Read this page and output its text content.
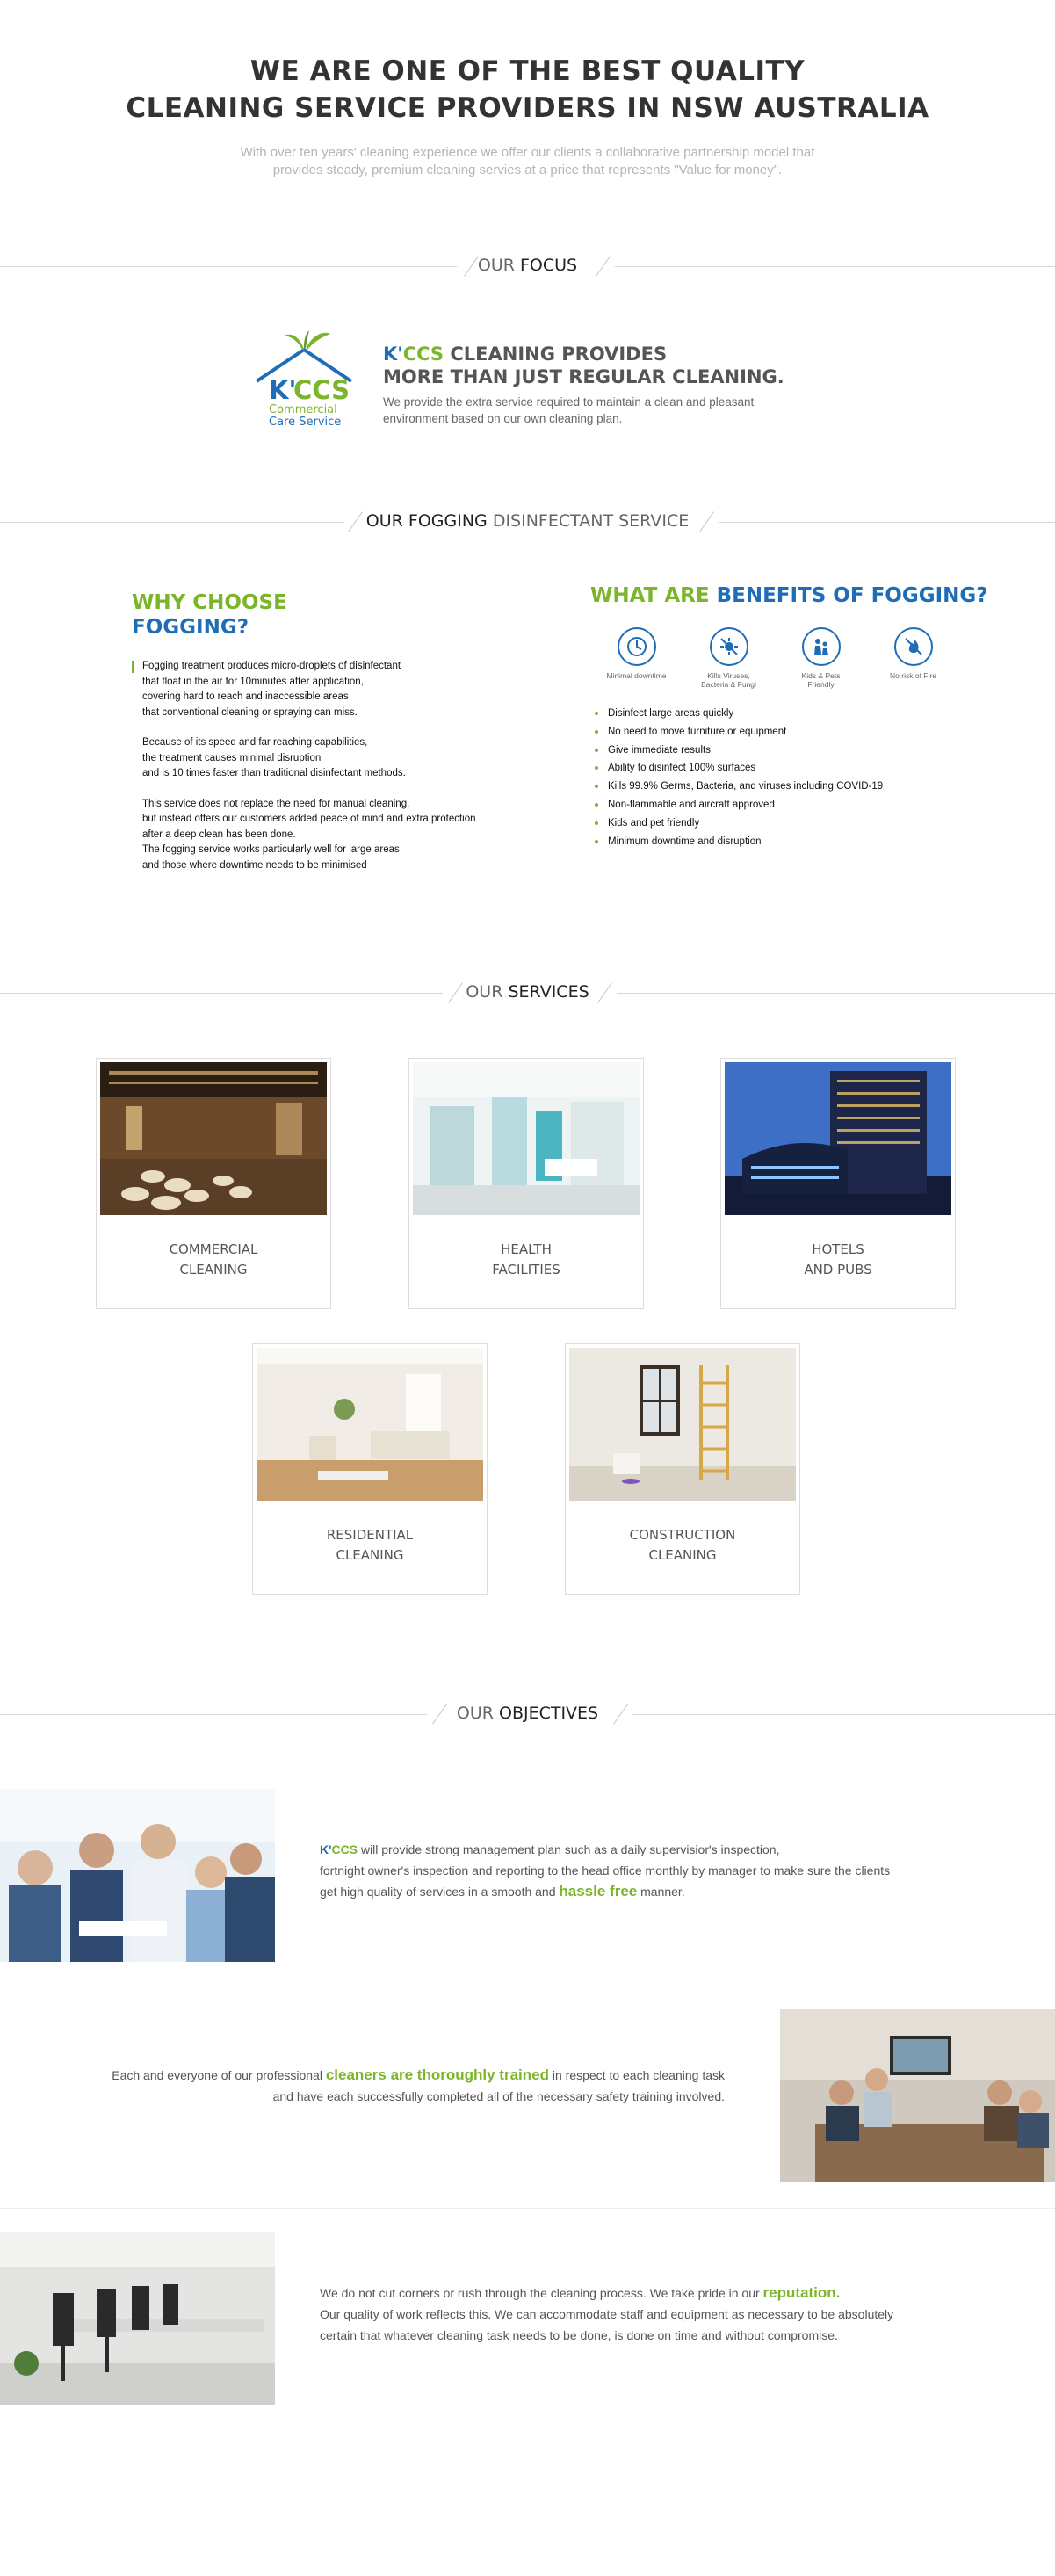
WE ARE ONE OF THE BEST QUALITY
CLEANING SERVICE PROVIDERS IN NSW AUSTRALIA

With over ten years' cleaning experience we offer our clients a collaborative partnership model that
provides steady, premium cleaning servies at a price that represents "Value for money".

OUR FOCUS
K'
CCS
Commercial
Care Service
K'CCS CLEANING PROVIDES
MORE THAN JUST REGULAR CLEANING.

We provide the extra service required to maintain a clean and pleasant
environment based on our own cleaning plan.

OUR FOGGING DISINFECTANT SERVICE
WHY CHOOSE
FOGGING?

Fogging treatment produces micro-droplets of disinfectant
that float in the air for 10minutes after application,
covering hard to reach and inaccessible areas
that conventional cleaning or spraying can miss.

Because of its speed and far reaching capabilities,
the treatment causes minimal disruption
and is 10 times faster than traditional disinfectant methods.

This service does not replace the need for manual cleaning,
but instead offers our customers added peace of mind and extra protection
after a deep clean has been done.
The fogging service works particularly well for large areas
and those where downtime needs to be minimised

WHAT ARE BENEFITS OF FOGGING?
Minimal downtime	Kills Viruses,
Bacteria & Fungi
Kids & Pets
Friendly
No risk of Fire

Disinfect large areas quickly
No need to move furniture or equipment
Give immediate results
Ability to disinfect 100% surfaces
Kills 99.9% Germs, Bacteria, and viruses including COVID-19
Non-flammable and aircraft approved
Kids and pet friendly
Minimum downtime and disruption
OUR SERVICES
COMMERCIAL
CLEANING
HEALTH
FACILITIES
HOTELS
AND PUBS
RESIDENTIAL
CLEANING
CONSTRUCTION
CLEANING
OUR OBJECTIVES
K'CCS will provide strong management plan such as a daily supervisior's inspection,
fortnight owner's inspection and reporting to the head office monthly by manager to make sure the clients
get high quality of services in a smooth and hassle free manner.
Each and everyone of our professional cleaners are thoroughly trained in respect to each cleaning task
and have each successfully completed all of the necessary safety training involved.
We do not cut corners or rush through the cleaning process. We take pride in our reputation.
Our quality of work reflects this. We can accommodate staff and equipment as necessary to be absolutely
certain that whatever cleaning task needs to be done, is done on time and without compromise.
